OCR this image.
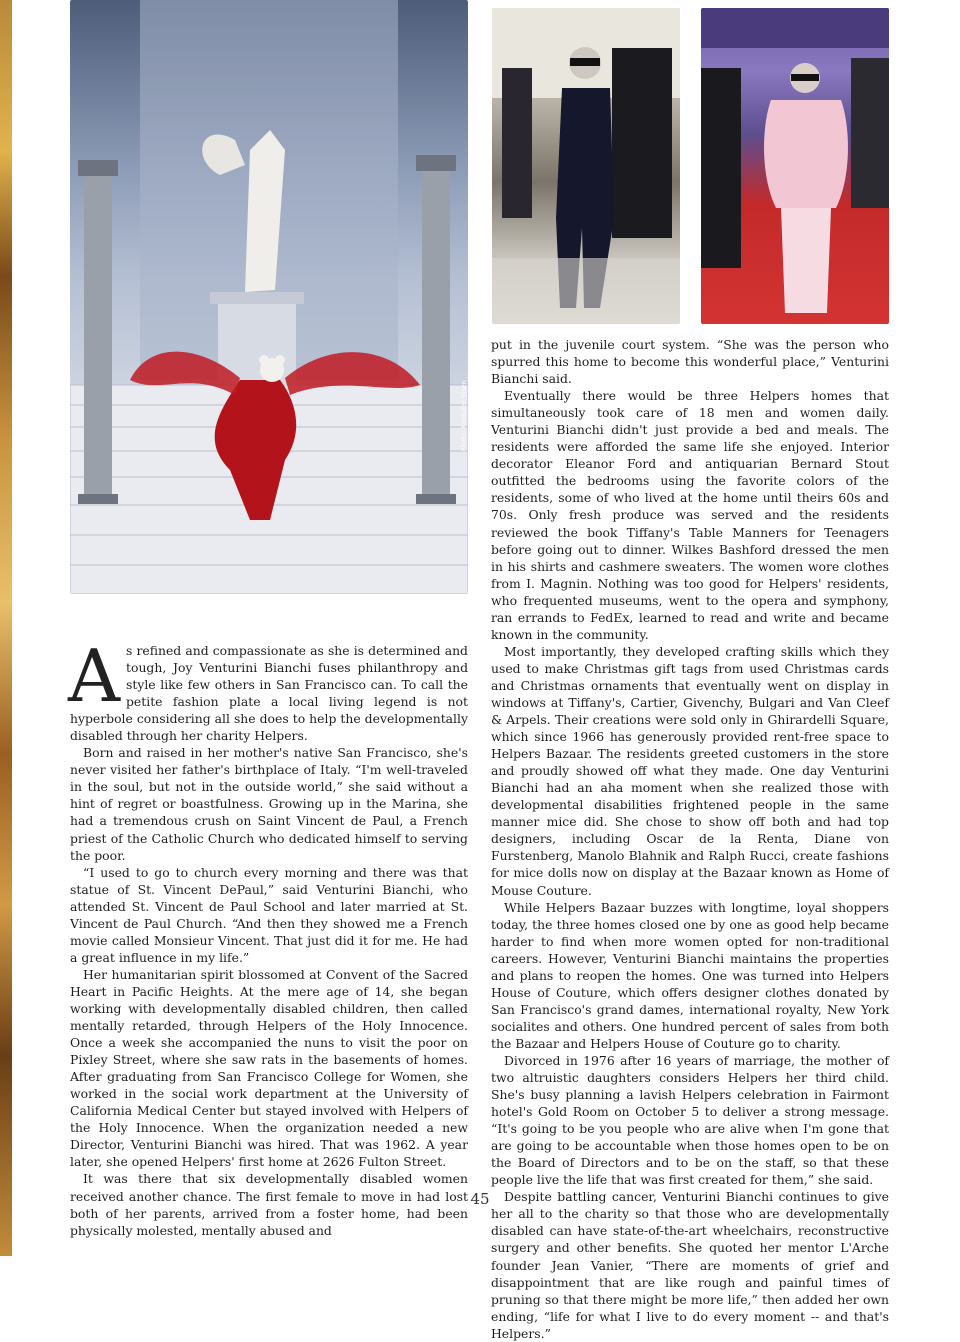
Photo: Kristofer Visen

As refined and compassionate as she is determined and tough, Joy Venturini Bianchi fuses philanthropy and style like few others in San Francisco can. To call the petite fashion plate a local living legend is not hyperbole considering all she does to help the developmentally disabled through her charity Helpers.

Born and raised in her mother's native San Francisco, she's never visited her father's birthplace of Italy. “I'm well-traveled in the soul, but not in the outside world,” she said without a hint of regret or boastfulness. Growing up in the Marina, she had a tremendous crush on Saint Vincent de Paul, a French priest of the Catholic Church who dedicated himself to serving the poor.

“I used to go to church every morning and there was that statue of St. Vincent DePaul,” said Venturini Bianchi, who attended St. Vincent de Paul School and later married at St. Vincent de Paul Church. “And then they showed me a French movie called Monsieur Vincent. That just did it for me. He had a great influence in my life.”

Her humanitarian spirit blossomed at Convent of the Sacred Heart in Pacific Heights. At the mere age of 14, she began working with developmentally disabled children, then called mentally retarded, through Helpers of the Holy Innocence. Once a week she accompanied the nuns to visit the poor on Pixley Street, where she saw rats in the basements of homes. After graduating from San Francisco College for Women, she worked in the social work department at the University of California Medical Center but stayed involved with Helpers of the Holy Innocence. When the organization needed a new Director, Venturini Bianchi was hired. That was 1962. A year later, she opened Helpers' first home at 2626 Fulton Street.

It was there that six developmentally disabled women received another chance. The first female to move in had lost both of her parents, arrived from a foster home, had been physically molested, mentally abused and

put in the juvenile court system. “She was the person who spurred this home to become this wonderful place,” Venturini Bianchi said.

Eventually there would be three Helpers homes that simultaneously took care of 18 men and women daily. Venturini Bianchi didn't just provide a bed and meals. The residents were afforded the same life she enjoyed. Interior decorator Eleanor Ford and antiquarian Bernard Stout outfitted the bedrooms using the favorite colors of the residents, some of who lived at the home until theirs 60s and 70s. Only fresh produce was served and the residents reviewed the book Tiffany's Table Manners for Teenagers before going out to dinner. Wilkes Bashford dressed the men in his shirts and cashmere sweaters. The women wore clothes from I. Magnin. Nothing was too good for Helpers' residents, who frequented museums, went to the opera and symphony, ran errands to FedEx, learned to read and write and became known in the community.

Most importantly, they developed crafting skills which they used to make Christmas gift tags from used Christmas cards and Christmas ornaments that eventually went on display in windows at Tiffany's, Cartier, Givenchy, Bulgari and Van Cleef & Arpels. Their creations were sold only in Ghirardelli Square, which since 1966 has generously provided rent-free space to Helpers Bazaar. The residents greeted customers in the store and proudly showed off what they made. One day Venturini Bianchi had an aha moment when she realized those with developmental disabilities frightened people in the same manner mice did. She chose to show off both and had top designers, including Oscar de la Renta, Diane von Furstenberg, Manolo Blahnik and Ralph Rucci, create fashions for mice dolls now on display at the Bazaar known as Home of Mouse Couture.

While Helpers Bazaar buzzes with longtime, loyal shoppers today, the three homes closed one by one as good help became harder to find when more women opted for non-traditional careers. However, Venturini Bianchi maintains the properties and plans to reopen the homes. One was turned into Helpers House of Couture, which offers designer clothes donated by San Francisco's grand dames, international royalty, New York socialites and others. One hundred percent of sales from both the Bazaar and Helpers House of Couture go to charity.

Divorced in 1976 after 16 years of marriage, the mother of two altruistic daughters considers Helpers her third child. She's busy planning a lavish Helpers celebration in Fairmont hotel's Gold Room on October 5 to deliver a strong message. “It's going to be you people who are alive when I'm gone that are going to be accountable when those homes open to be on the Board of Directors and to be on the staff, so that these people live the life that was first created for them,” she said.

Despite battling cancer, Venturini Bianchi continues to give her all to the charity so that those who are developmentally disabled can have state-of-the-art wheelchairs, reconstructive surgery and other benefits. She quoted her mentor L'Arche founder Jean Vanier, “There are moments of grief and disappointment that are like rough and painful times of pruning so that there might be more life,” then added her own ending, “life for what I live to do every moment -- and that's Helpers.”

45
